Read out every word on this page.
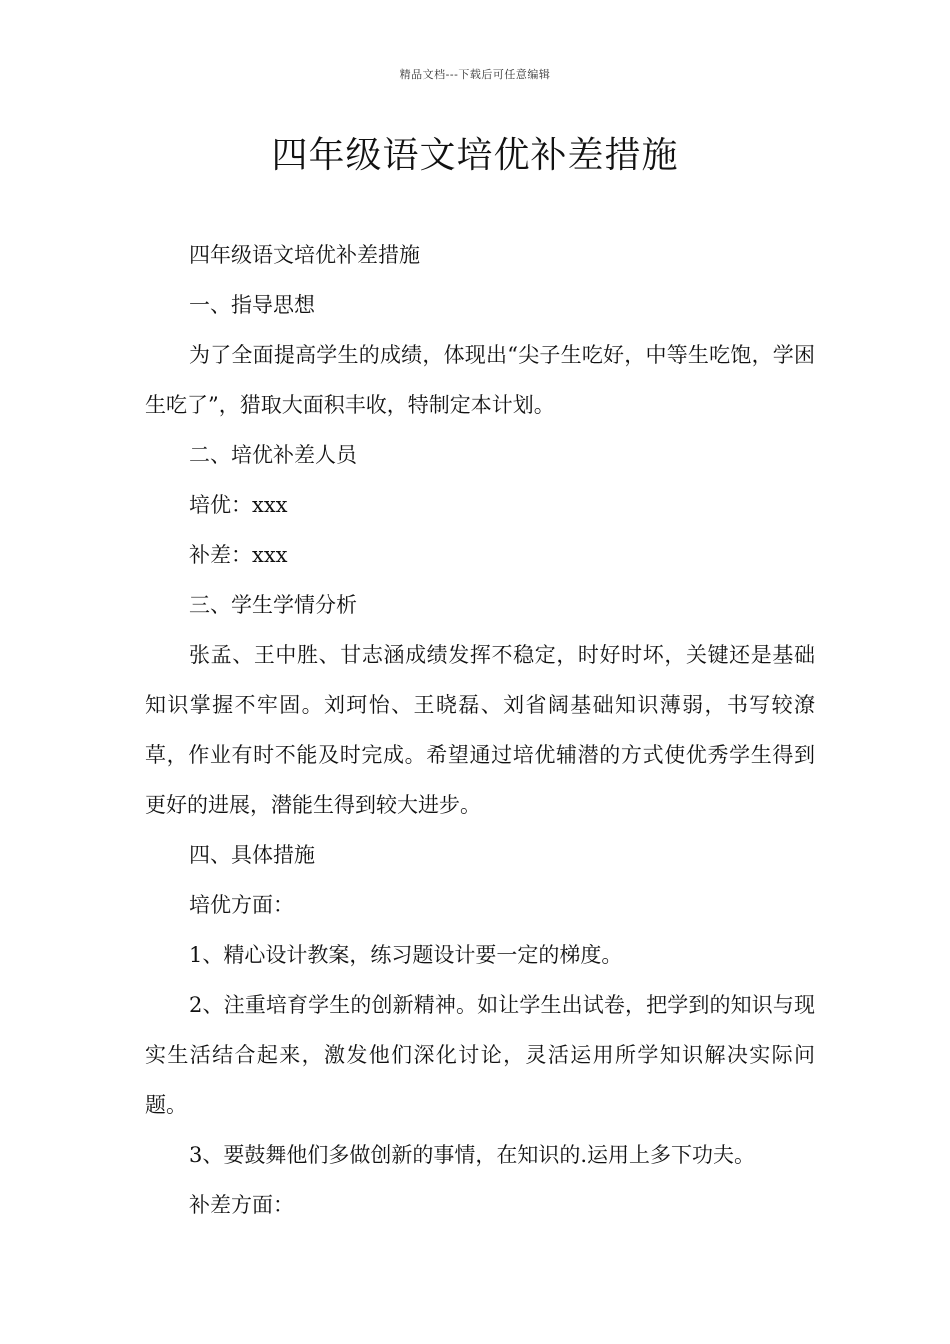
精品文档---下载后可任意编辑
四年级语文培优补差措施

四年级语文培优补差措施

一、指导思想

为了全面提高学生的成绩，体现出“尖子生吃好，中等生吃饱，学困生吃了”，猎取大面积丰收，特制定本计划。

二、培优补差人员

培优：xxx

补差：xxx

三、学生学情分析

张孟、王中胜、甘志涵成绩发挥不稳定，时好时坏，关键还是基础知识掌握不牢固。刘珂怡、王晓磊、刘省阔基础知识薄弱，书写较潦草，作业有时不能及时完成。希望通过培优辅潜的方式使优秀学生得到更好的进展，潜能生得到较大进步。

四、具体措施

培优方面：

1、精心设计教案，练习题设计要一定的梯度。

2、注重培育学生的创新精神。如让学生出试卷，把学到的知识与现实生活结合起来，激发他们深化讨论，灵活运用所学知识解决实际问题。

3、要鼓舞他们多做创新的事情，在知识的.运用上多下功夫。

补差方面：
